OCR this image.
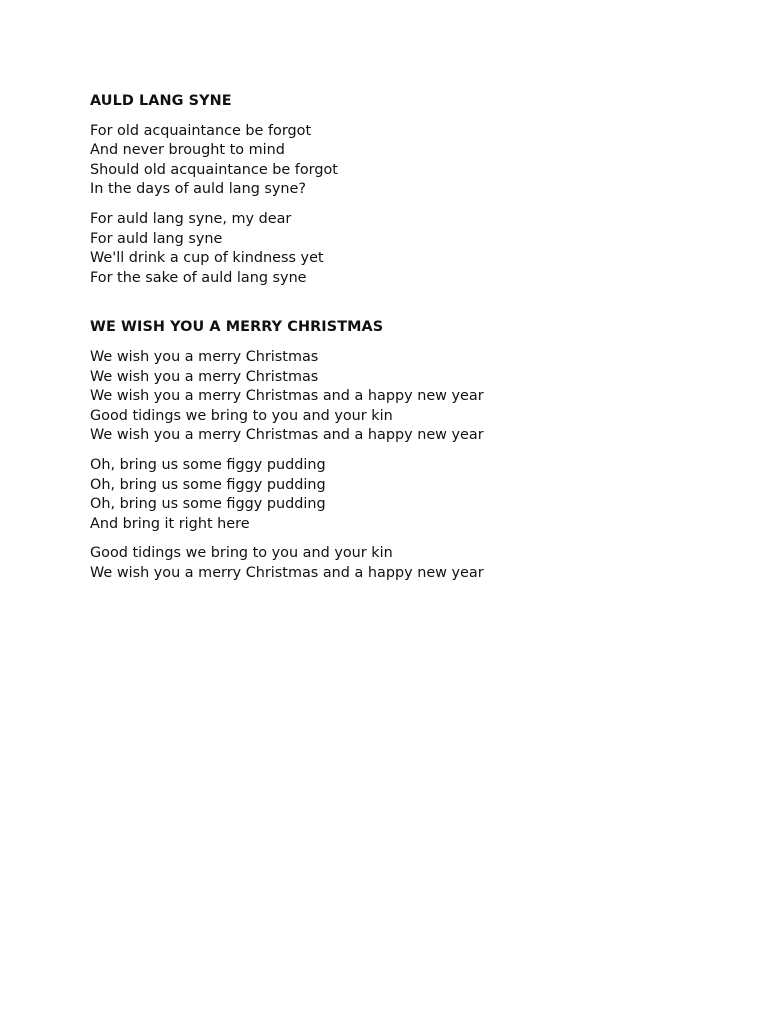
AULD LANG SYNE
For old acquaintance be forgot
And never brought to mind
Should old acquaintance be forgot
In the days of auld lang syne?
For auld lang syne, my dear
For auld lang syne
We'll drink a cup of kindness yet
For the sake of auld lang syne
WE WISH YOU A MERRY CHRISTMAS
We wish you a merry Christmas
We wish you a merry Christmas
We wish you a merry Christmas and a happy new year
Good tidings we bring to you and your kin
We wish you a merry Christmas and a happy new year
Oh, bring us some figgy pudding
Oh, bring us some figgy pudding
Oh, bring us some figgy pudding
And bring it right here
Good tidings we bring to you and your kin
We wish you a merry Christmas and a happy new year
